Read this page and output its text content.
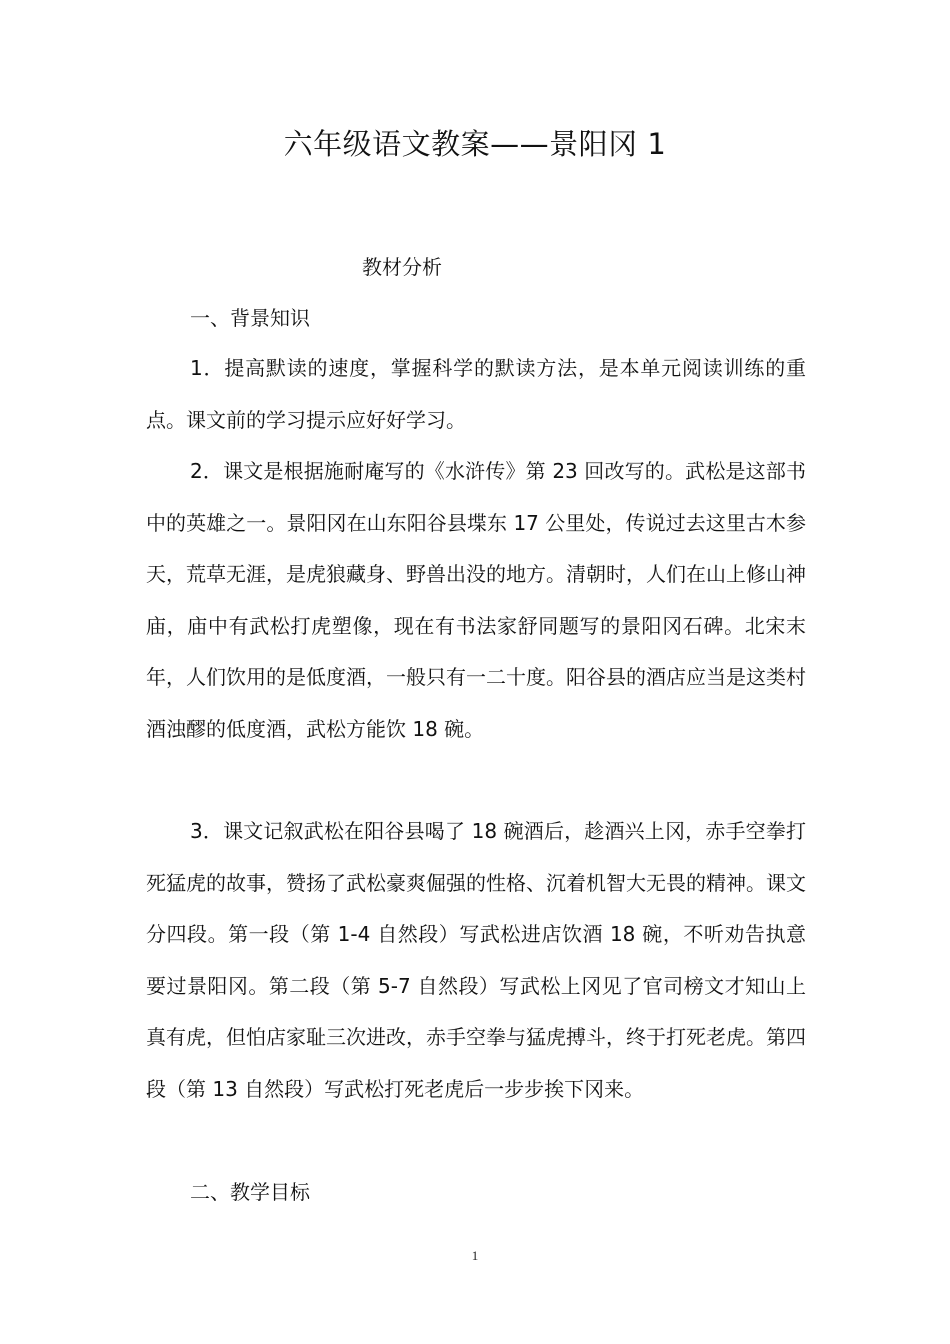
六年级语文教案——景阳冈 1
教材分析
一、背景知识

1．提高默读的速度，掌握科学的默读方法，是本单元阅读训练的重点。课文前的学习提示应好好学习。

2．课文是根据施耐庵写的《水浒传》第 23 回改写的。武松是这部书中的英雄之一。景阳冈在山东阳谷县堞东 17 公里处，传说过去这里古木参天，荒草无涯，是虎狼藏身、野兽出没的地方。清朝时，人们在山上修山神庙，庙中有武松打虎塑像，现在有书法家舒同题写的景阳冈石碑。北宋末年，人们饮用的是低度酒，一般只有一二十度。阳谷县的酒店应当是这类村酒浊醪的低度酒，武松方能饮 18 碗。

3．课文记叙武松在阳谷县喝了 18 碗酒后，趁酒兴上冈，赤手空拳打死猛虎的故事，赞扬了武松豪爽倔强的性格、沉着机智大无畏的精神。课文分四段。第一段（第 1-4 自然段）写武松进店饮酒 18 碗，不听劝告执意要过景阳冈。第二段（第 5-7 自然段）写武松上冈见了官司榜文才知山上真有虎，但怕店家耻三次进改，赤手空拳与猛虎搏斗，终于打死老虎。第四段（第 13 自然段）写武松打死老虎后一步步挨下冈来。

二、教学目标
1
